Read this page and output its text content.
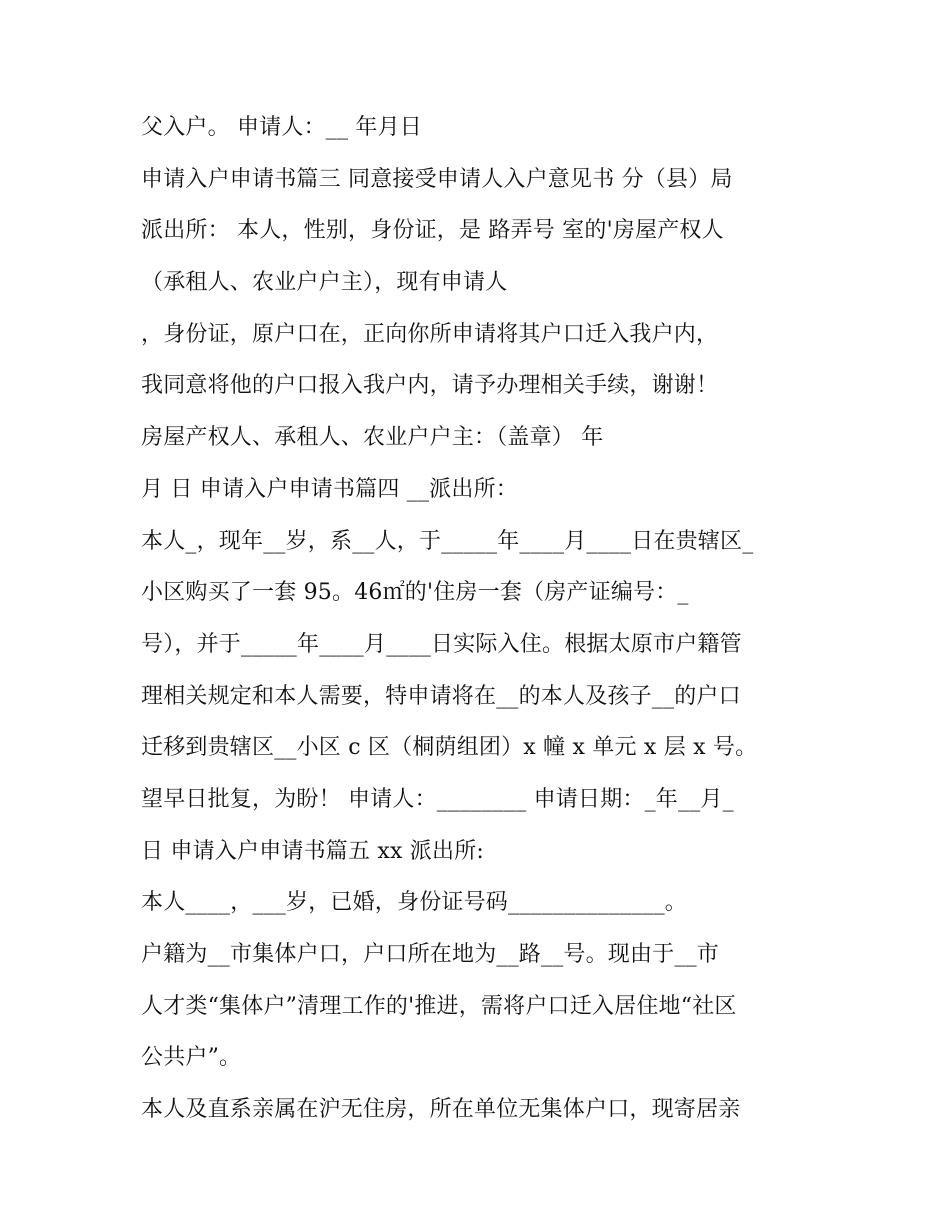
父入户。 申请人：__ 年月日
申请入户申请书篇三 同意接受申请人入户意见书 分（县）局
派出所： 本人，性别，身份证，是 路弄号 室的'房屋产权人
（承租人、农业户户主），现有申请人
，身份证，原户口在，正向你所申请将其户口迁入我户内，
我同意将他的户口报入我户内，请予办理相关手续，谢谢！
房屋产权人、承租人、农业户户主：（盖章） 年
月 日 申请入户申请书篇四 __派出所：
本人_，现年__岁，系__人，于_____年____月____日在贵辖区_
小区购买了一套 95。46㎡的'住房一套（房产证编号：_
号），并于_____年____月____日实际入住。根据太原市户籍管
理相关规定和本人需要，特申请将在__的本人及孩子__的户口
迁移到贵辖区__小区 c 区（桐荫组团）x 幢 x 单元 x 层 x 号。
望早日批复，为盼！ 申请人：________ 申请日期：_年__月_
日 申请入户申请书篇五 xx 派出所:
本人____，___岁，已婚，身份证号码______________。
户籍为__市集体户口，户口所在地为__路__号。现由于__市
人才类“集体户”清理工作的'推进，需将户口迁入居住地“社区
公共户”。
本人及直系亲属在沪无住房，所在单位无集体户口，现寄居亲
